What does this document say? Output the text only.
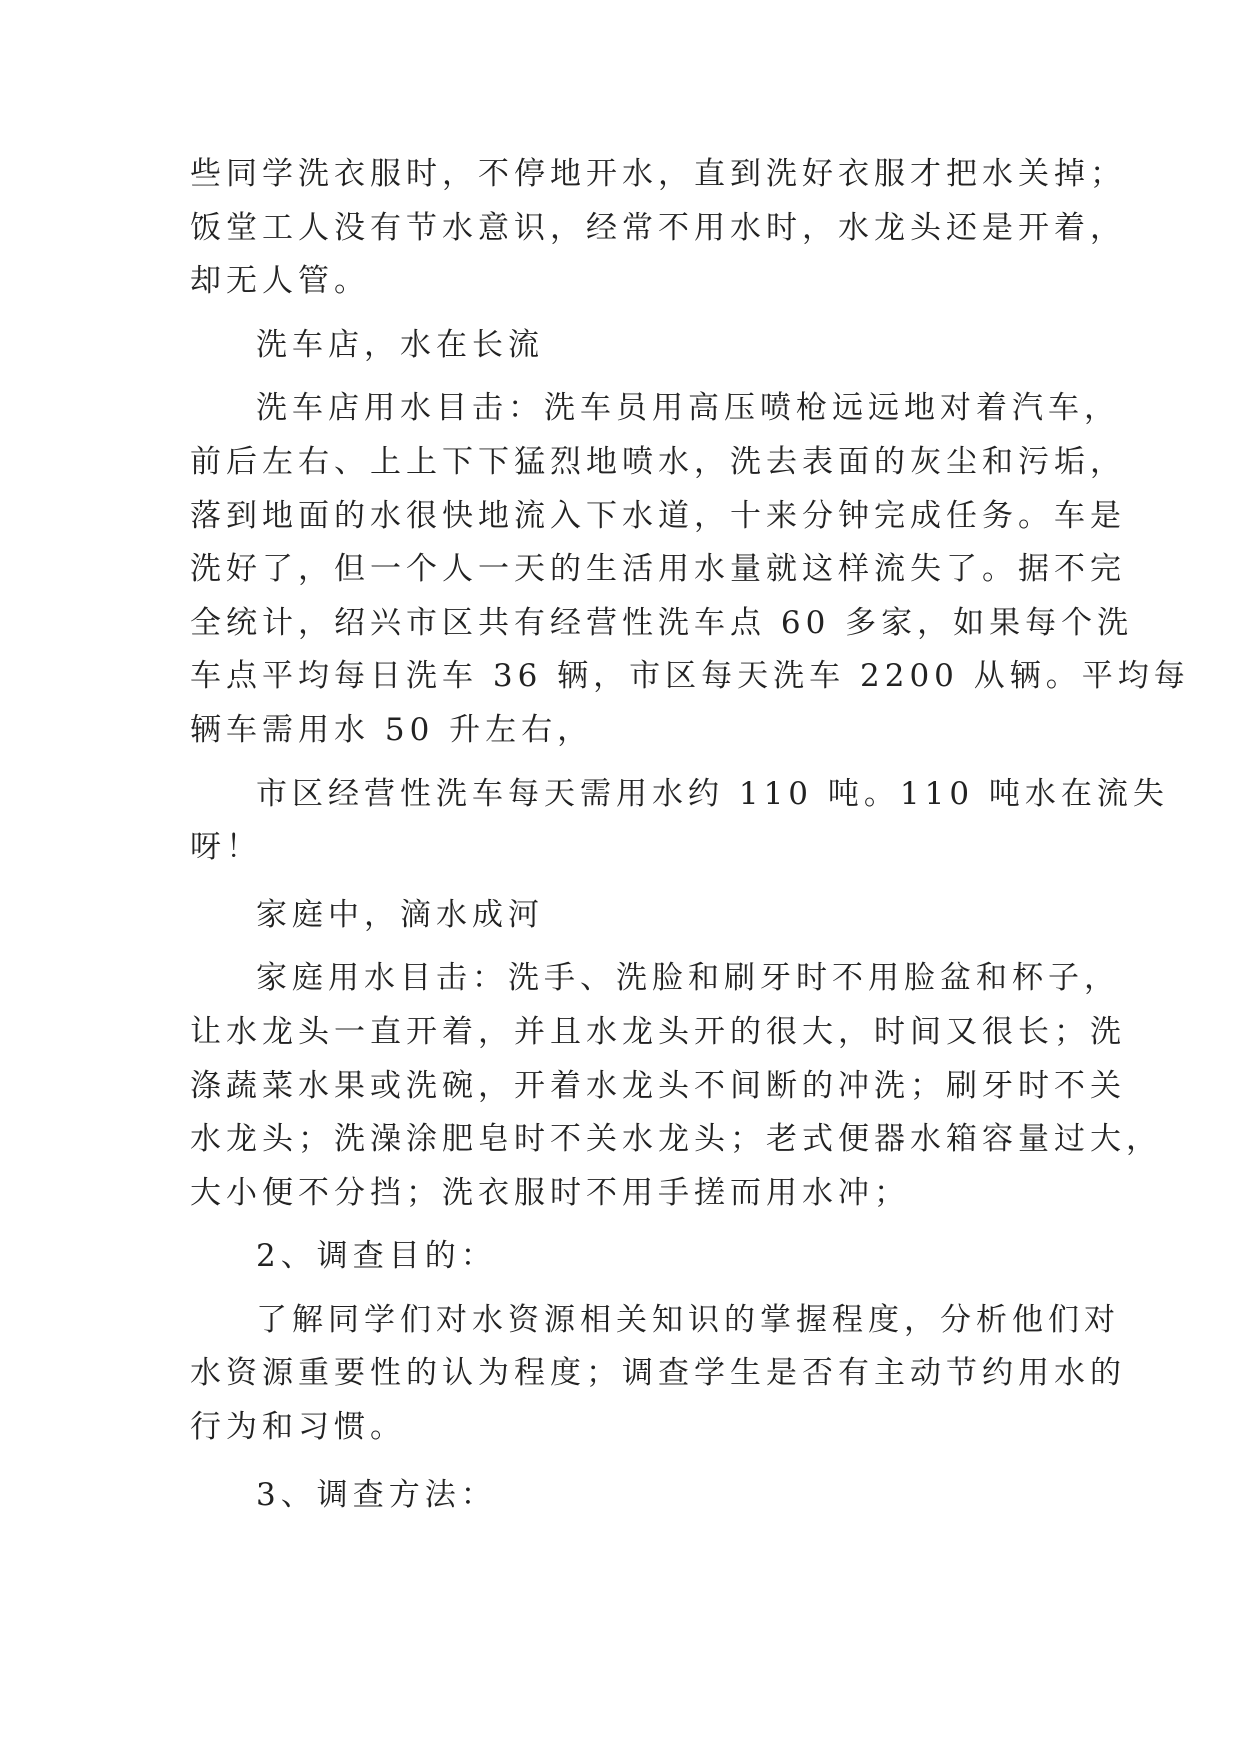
些同学洗衣服时，不停地开水，直到洗好衣服才把水关掉；
饭堂工人没有节水意识，经常不用水时，水龙头还是开着，
却无人管。
洗车店，水在长流
洗车店用水目击：洗车员用高压喷枪远远地对着汽车，
前后左右、上上下下猛烈地喷水，洗去表面的灰尘和污垢，
落到地面的水很快地流入下水道，十来分钟完成任务。车是
洗好了，但一个人一天的生活用水量就这样流失了。据不完
全统计，绍兴市区共有经营性洗车点 60 多家，如果每个洗
车点平均每日洗车 36 辆，市区每天洗车 2200 从辆。平均每
辆车需用水 50 升左右，
市区经营性洗车每天需用水约 110 吨。110 吨水在流失
呀！
家庭中，滴水成河
家庭用水目击：洗手、洗脸和刷牙时不用脸盆和杯子，
让水龙头一直开着，并且水龙头开的很大，时间又很长；洗
涤蔬菜水果或洗碗，开着水龙头不间断的冲洗；刷牙时不关
水龙头；洗澡涂肥皂时不关水龙头；老式便器水箱容量过大，
大小便不分挡；洗衣服时不用手搓而用水冲；
2、调查目的：
了解同学们对水资源相关知识的掌握程度，分析他们对
水资源重要性的认为程度；调查学生是否有主动节约用水的
行为和习惯。
3、调查方法：
